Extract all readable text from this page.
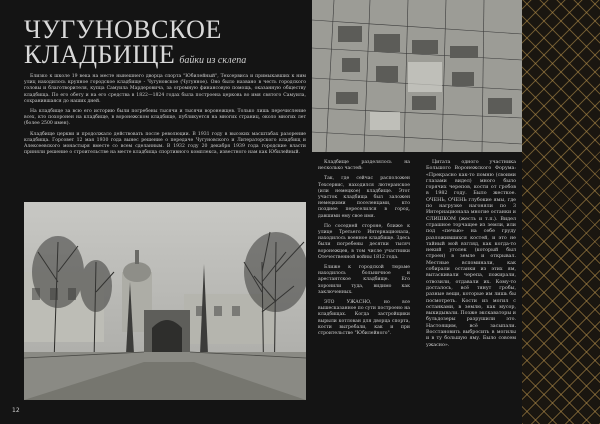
ЧУГУНОВСКОЕ
КЛАДБИЩЕ байки из склепа

Близко к школе 19 века на месте нынешнего дворца спорта "Юбилейный", Техсервиса и примыкавших к ним улиц находилось крупное городское кладбище - Чугуновское (Чугунное). Оно было названо в честь городского головы и благотворителя, купца Самуила Мардеровича, за огромную финансовую помощь, оказанную обществу кладбища. По его обету и на его средства в 1822—1824 годах была построена церковь во имя святого Самуила, сохранившаяся до наших дней.

На кладбище за всю его историю были погребены тысячи и тысячи воронежцев. Только лишь перечисление всех, кто похоронен на кладбище, в воронежском кладбище, публикуется на многих страниц, около многих лет (более 2500 имен).

Кладбище церкви и продолжало действовать после революции. В 1931 году в высоких масштабах разорение кладбища. Горсовет 12 мая 1930 года вынес решение о передаче Чугуновского и Литераторского кладбищ и Алексеевского монастыря вместе со всем сделанным. В 1932 году 20 декабря 1939 года городские власти приняли решение о строительстве на месте кладбища спортивного комплекса, известного нам как Юбилейный.

Кладбище разделялось на несколько частей:

Так, где сейчас расположен Техсервис, находился лютеранское (или немецкое) кладбище. Этот участок кладбища был заложен немецкими поселенцами, кто позднее переселился в город, давшими ему свое имя.

По соседней стороне, ближе к улице Третьего Интернационала, находилось военное кладбище. Здесь были погребены десятки тысяч воронежцев, в том числе участники Отечественной войны 1812 года.

Ближе к городской тюрьме находилось больничное и арестантское кладбище. Его хоронили туда, видимо как заключенных.

ЭТО УЖАСНО, но все вышесказанное по сути построено на кладбищах. Когда застройщики вырыли котлован для дворца спорта, кости выгребали, как и при строительстве "Юбилейного".

Цитата одного участника Большого Воронежского Форума: «Прекрасно как-то помню (своими глазами видел) много было горячих черепов, кости от гробов в 1982 году. Было жесткое. ОЧЕНЬ, ОЧЕНЬ глубокие ямы, где по нагрузке нагоняли по 3 Интернационала многие останки и СЛИШКОМ (жесть и т.п.). Видел страшное торчащее из земли, или под «печью» на себе груду разложившихся костей, и это не тайный мой взгляд, как когда-то некий уголек (который был строен) в земле и открывал. Местные вспоминали, как собирали останки из этих ям, вытаскивали черепа, пожирали, отвозили, отдавали их. Кому-то досталось, всё тянут гробы, разные вещи, которые им лишь бы посмотреть. Кости из могил с останками, в землю, как мусор, выкидывали. Позже экскаваторы и бульдозеры разрушили это. Настоящим, всё засыпали. Восстановить выбросить в могилы и в ту большую яму. Было совсем ужасно».

12
